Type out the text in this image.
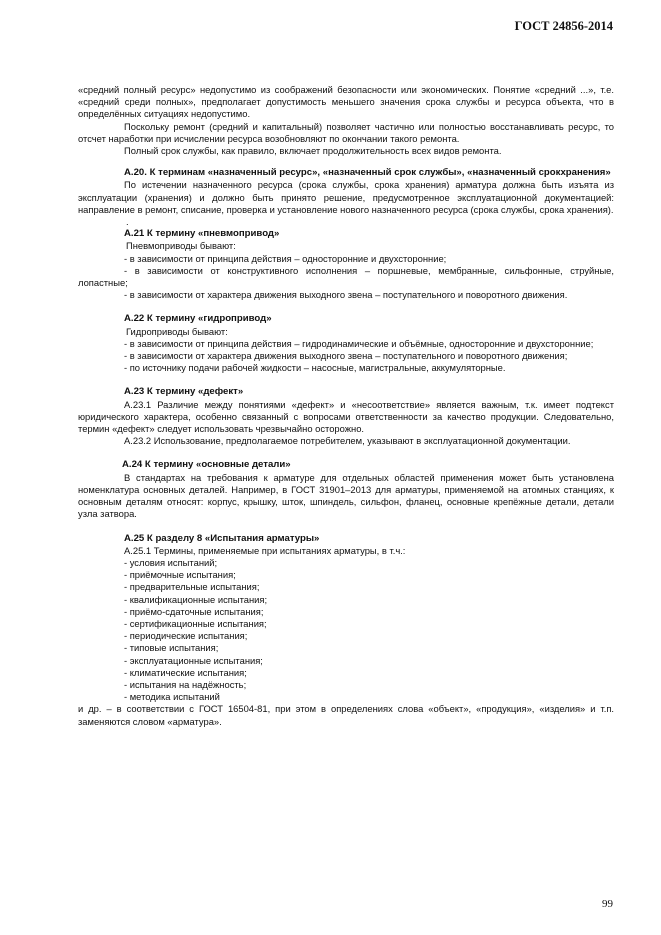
ГОСТ 24856-2014

«средний полный ресурс» недопустимо из соображений безопасности или экономических. Понятие «средний ...», т.е. «средний среди полных», предполагает допустимость меньшего значения срока службы и ресурса объекта, что в определённых ситуациях недопустимо.

Поскольку ремонт (средний и капитальный) позволяет частично или полностью восстанавливать ресурс, то отсчет наработки при исчислении ресурса возобновляют по окончании такого ремонта.

Полный срок службы, как правило, включает продолжительность всех видов ремонта.

А.20. К терминам «назначенный ресурс», «назначенный срок службы», «назначенный срокхранения»

По истечении назначенного ресурса (срока службы, срока хранения) арматура должна быть изъята из эксплуатации (хранения) и должно быть принято решение, предусмотренное эксплуатационной документацией: направление в ремонт, списание, проверка и установление нового назначенного ресурса (срока службы, срока хранения).

.

А.21 К термину «пневмопривод»

Пневмоприводы бывают:

- в зависимости от принципа действия – односторонние и двухсторонние;

- в зависимости от конструктивного исполнения – поршневые, мембранные, сильфонные, струйные, лопастные;

- в зависимости от характера движения выходного звена – поступательного и поворотного движения.

А.22 К термину «гидропривод»

Гидроприводы бывают:

- в зависимости от принципа действия – гидродинамические и объёмные, односторонние и двухсторонние;

- в зависимости от характера движения выходного звена – поступательного и поворотного движения;

- по источнику подачи рабочей жидкости – насосные, магистральные, аккумуляторные.

А.23 К термину «дефект»

А.23.1 Различие между понятиями «дефект» и «несоответствие» является важным, т.к. имеет подтекст юридического характера, особенно связанный с вопросами ответственности за качество продукции. Следовательно, термин «дефект» следует использовать чрезвычайно осторожно.

А.23.2 Использование, предполагаемое потребителем, указывают в эксплуатационной документации.

А.24 К термину «основные детали»

В стандартах на требования к арматуре для отдельных областей применения может быть установлена номенклатура основных деталей. Например, в ГОСТ 31901–2013 для арматуры, применяемой на атомных станциях, к основным деталям относят: корпус, крышку, шток, шпиндель, сильфон, фланец, основные крепёжные детали, детали узла затвора.

А.25 К разделу 8 «Испытания арматуры»

А.25.1 Термины, применяемые при испытаниях арматуры, в т.ч.:

- условия испытаний;
- приёмочные испытания;
- предварительные испытания;
- квалификационные испытания;
- приёмо-сдаточные испытания;
- сертификационные испытания;
- периодические испытания;
- типовые испытания;
- эксплуатационные испытания;
- климатические испытания;
- испытания на надёжность;
- методика испытаний

и др. – в соответствии с ГОСТ 16504-81, при этом в определениях слова «объект», «продукция», «изделия» и т.п. заменяются словом «арматура».

99
